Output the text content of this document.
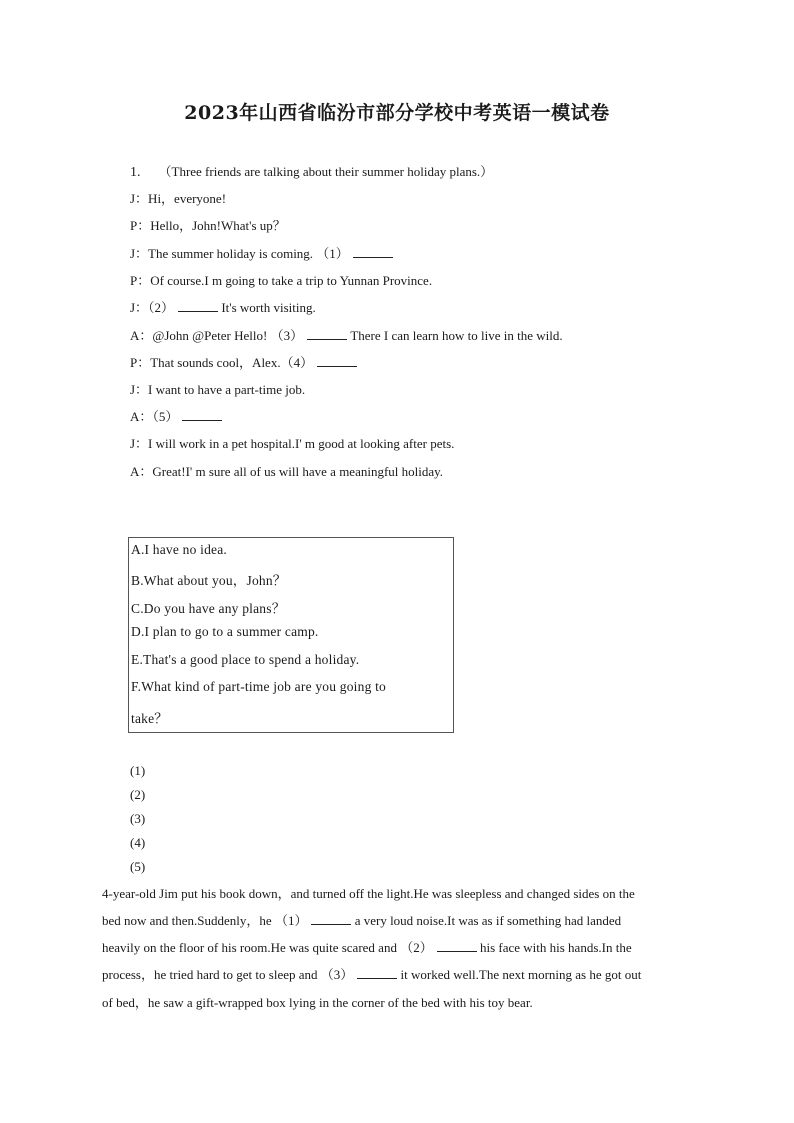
2023年山西省临汾市部分学校中考英语一模试卷
1. （Three friends are talking about their summer holiday plans.）
J：Hi，everyone!
P：Hello，John!What's up？
J：The summer holiday is coming. （1）
P：Of course.I m going to take a trip to Yunnan Province.
J：（2）	It's worth visiting.
A：@John @Peter Hello! （3）	There I can learn how to live in the wild.
P：That sounds cool，Alex.（4）
J：I want to have a part-time job.
A：（5）
J：I will work in a pet hospital.I' m good at looking after pets.
A：Great!I' m sure all of us will have a meaningful holiday.
A.I have no idea.
B.What about you，John？
C.Do you have any plans？
D.I plan to go to a summer camp.
E.That's a good place to spend a holiday.
F.What kind of part-time job are you going to
take？
(1)
(2)
(3)
(4)
(5)
4-year-old Jim put his book down，and turned off the light.He was sleepless and changed sides on the
bed now and then.Suddenly，he （1）	a very loud noise.It was as if something had landed
heavily on the floor of his room.He was quite scared and （2）	his face with his hands.In the
process，he tried hard to get to sleep and （3）	it worked well.The next morning as he got out
of bed，he saw a gift-wrapped box lying in the corner of the bed with his toy bear.
